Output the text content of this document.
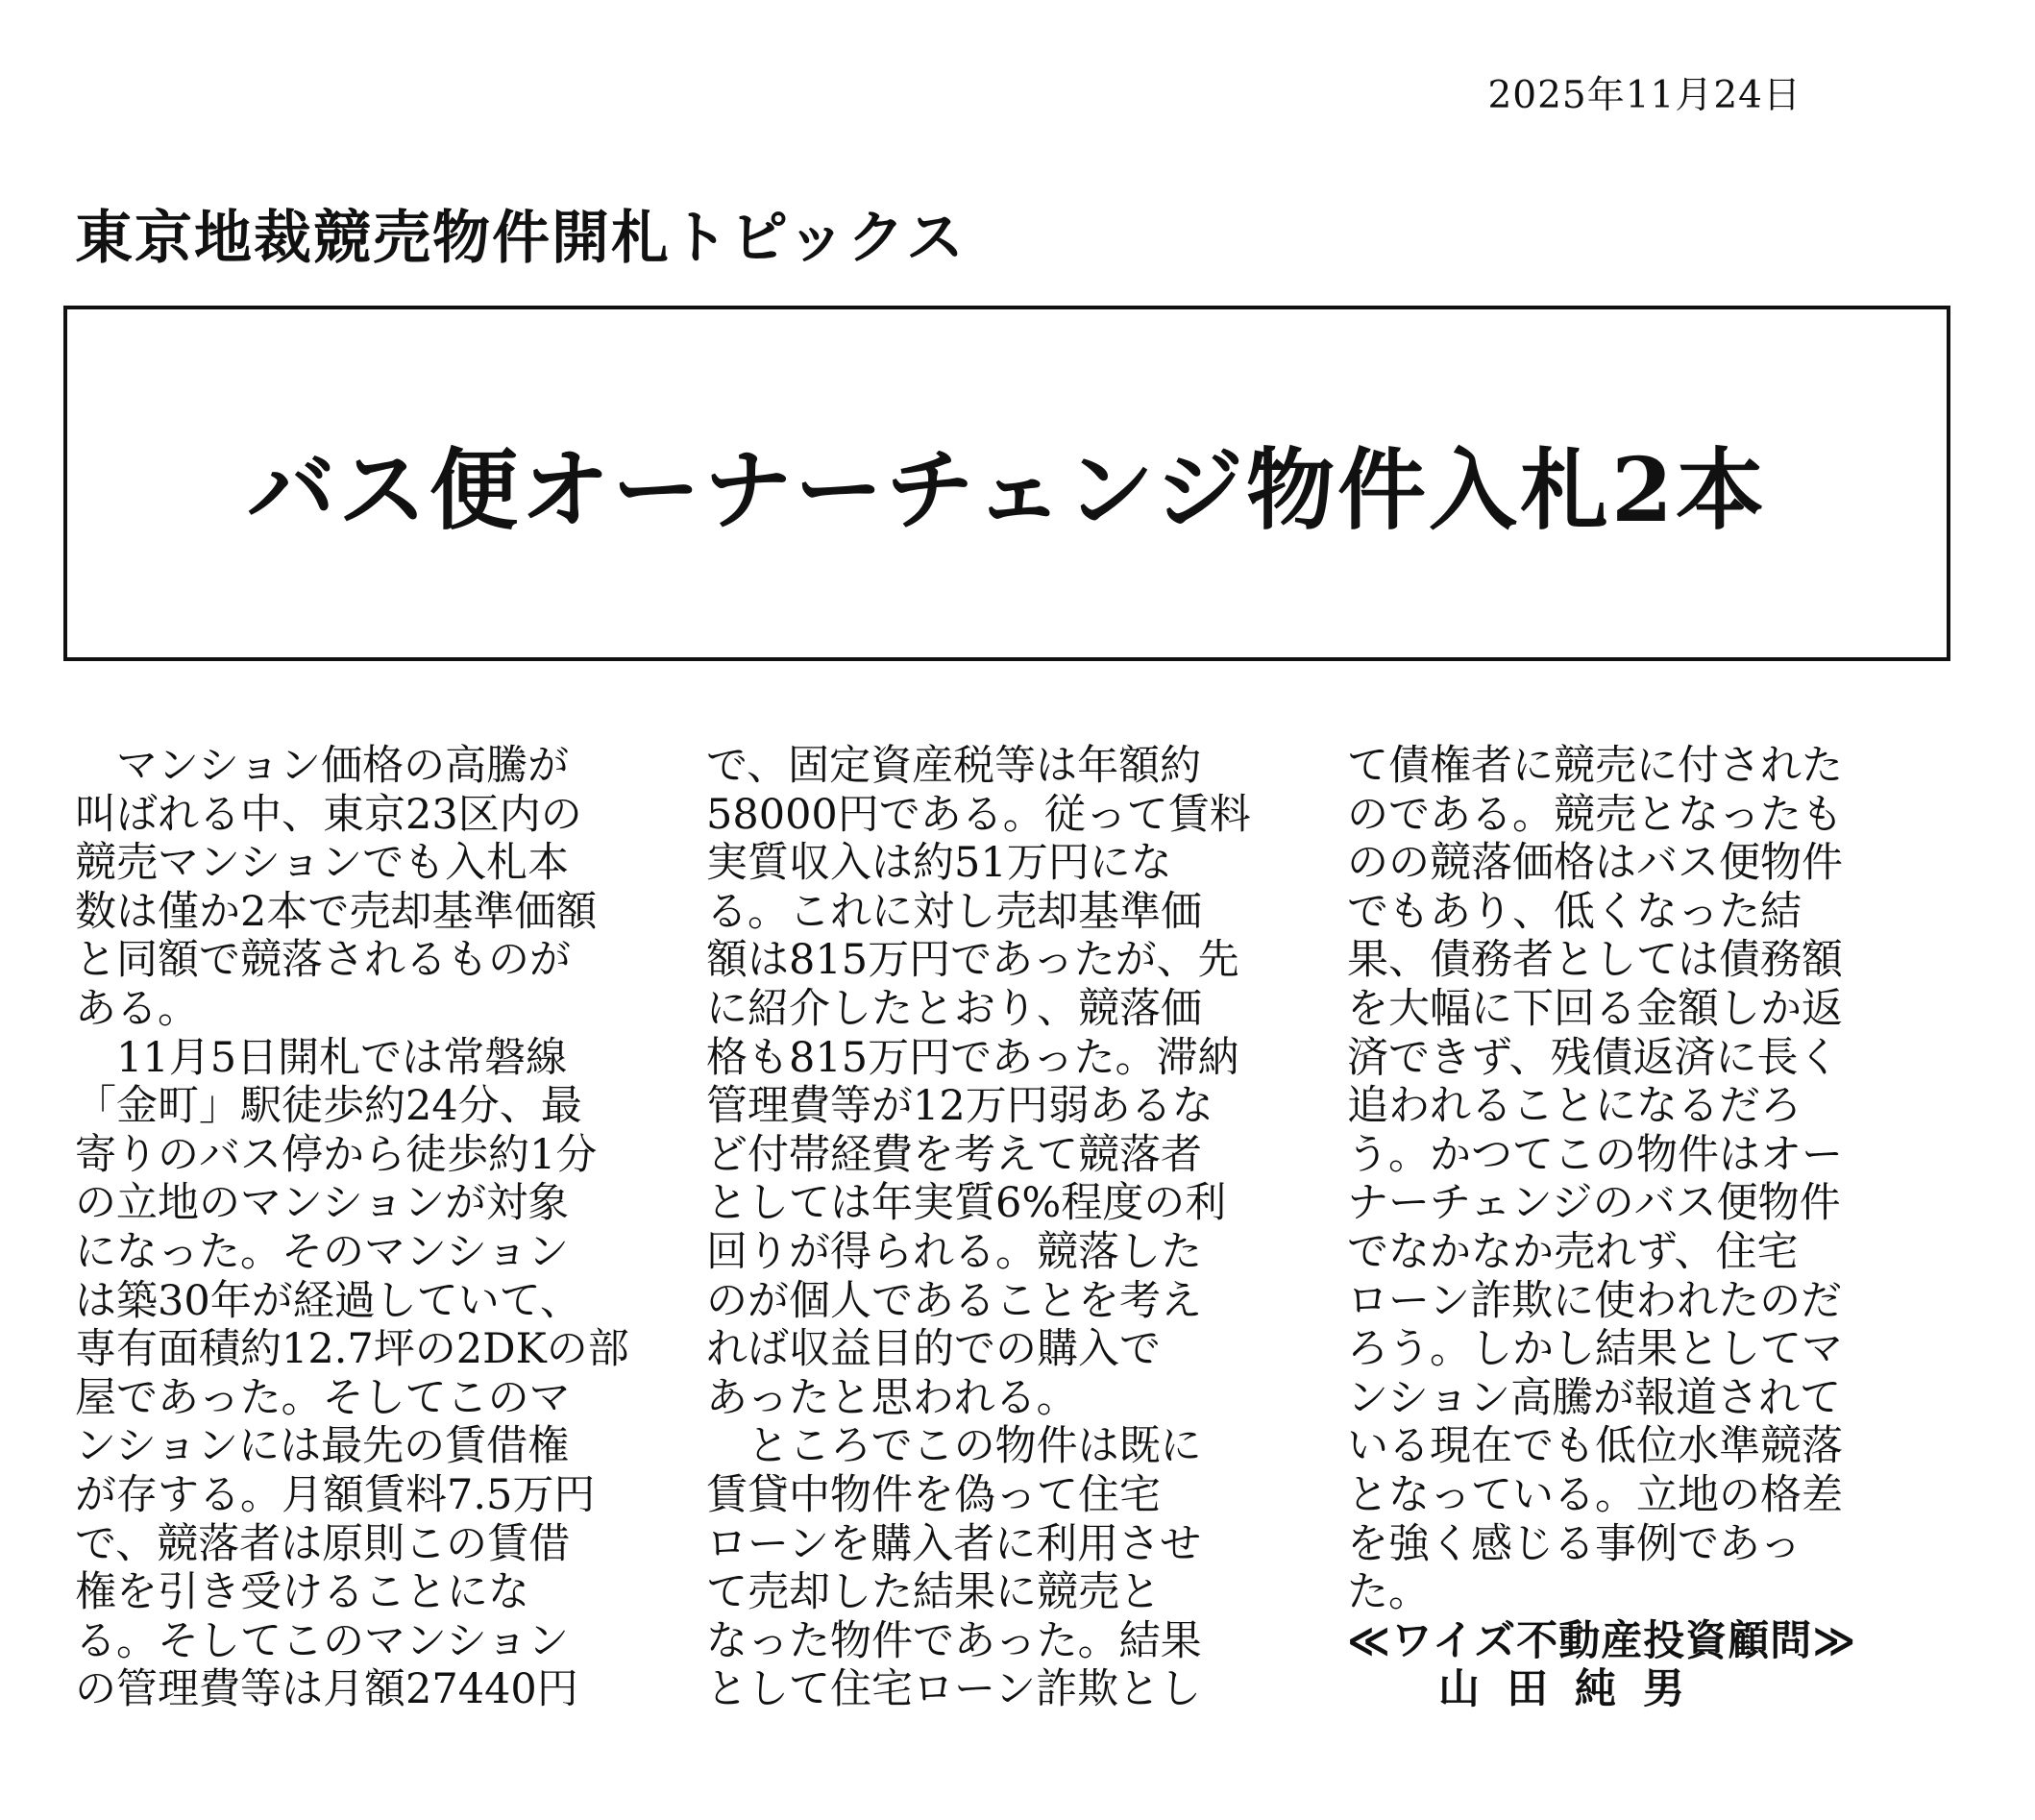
2025年11月24日
東京地裁競売物件開札トピックス
バス便オーナーチェンジ物件入札2本

　マンション価格の高騰が

叫ばれる中、東京23区内の

競売マンションでも入札本

数は僅か2本で売却基準価額

と同額で競落されるものが

ある。

　11月5日開札では常磐線

「金町」駅徒歩約24分、最

寄りのバス停から徒歩約1分

の立地のマンションが対象

になった。そのマンション

は築30年が経過していて、

専有面積約12.7坪の2DKの部

屋であった。そしてこのマ

ンションには最先の賃借権

が存する。月額賃料7.5万円

で、競落者は原則この賃借

権を引き受けることにな

る。そしてこのマンション

の管理費等は月額27440円

で、固定資産税等は年額約

58000円である。従って賃料

実質収入は約51万円にな

る。これに対し売却基準価

額は815万円であったが、先

に紹介したとおり、競落価

格も815万円であった。滞納

管理費等が12万円弱あるな

ど付帯経費を考えて競落者

としては年実質6%程度の利

回りが得られる。競落した

のが個人であることを考え

れば収益目的での購入で

あったと思われる。

　ところでこの物件は既に

賃貸中物件を偽って住宅

ローンを購入者に利用させ

て売却した結果に競売と

なった物件であった。結果

として住宅ローン詐欺とし

て債権者に競売に付された

のである。競売となったも

のの競落価格はバス便物件

でもあり、低くなった結

果、債務者としては債務額

を大幅に下回る金額しか返

済できず、残債返済に長く

追われることになるだろ

う。かつてこの物件はオー

ナーチェンジのバス便物件

でなかなか売れず、住宅

ローン詐欺に使われたのだ

ろう。しかし結果としてマ

ンション高騰が報道されて

いる現在でも低位水準競落

となっている。立地の格差

を強く感じる事例であっ

た。

≪ワイズ不動産投資顧問≫

山田純男
